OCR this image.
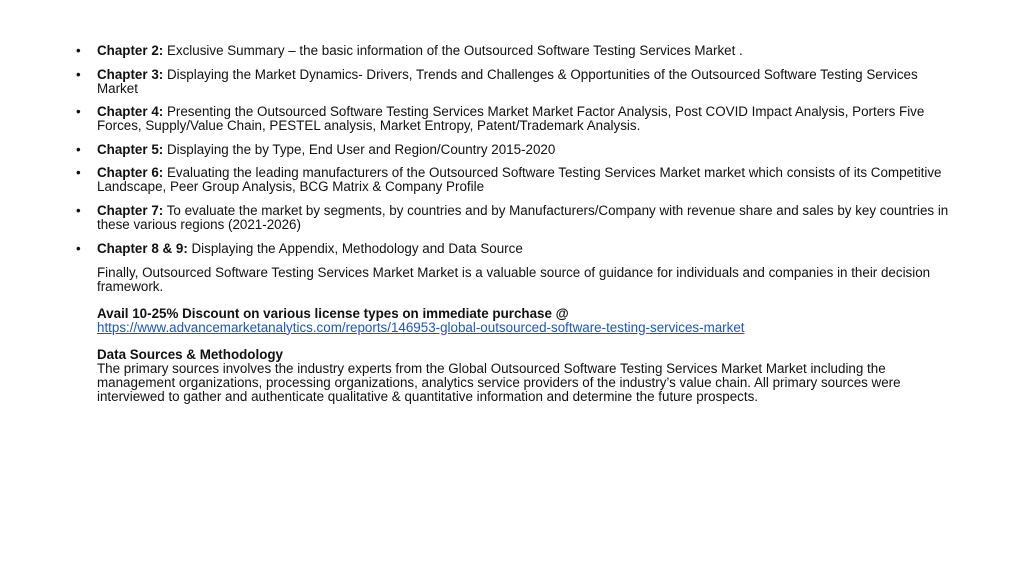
•	Chapter 2: Exclusive Summary – the basic information of the Outsourced Software Testing Services Market .
•	Chapter 3: Displaying the Market Dynamics- Drivers, Trends and Challenges & Opportunities of the Outsourced Software Testing Services Market
•	Chapter 4: Presenting the Outsourced Software Testing Services Market Market Factor Analysis, Post COVID Impact Analysis, Porters Five Forces, Supply/Value Chain, PESTEL analysis, Market Entropy, Patent/Trademark Analysis.
•	Chapter 5: Displaying the by Type, End User and Region/Country 2015-2020
•	Chapter 6: Evaluating the leading manufacturers of the Outsourced Software Testing Services Market market which consists of its Competitive Landscape, Peer Group Analysis, BCG Matrix & Company Profile
•	Chapter 7: To evaluate the market by segments, by countries and by Manufacturers/Company with revenue share and sales by key countries in these various regions (2021-2026)
•	Chapter 8 & 9: Displaying the Appendix, Methodology and Data Source

Finally, Outsourced Software Testing Services Market Market is a valuable source of guidance for individuals and companies in their decision framework.

Avail 10-25% Discount on various license types on immediate purchase @
https://www.advancemarketanalytics.com/reports/146953-global-outsourced-software-testing-services-market
Data Sources & Methodology
The primary sources involves the industry experts from the Global Outsourced Software Testing Services Market Market including the management organizations, processing organizations, analytics service providers of the industry’s value chain. All primary sources were interviewed to gather and authenticate qualitative & quantitative information and determine the future prospects.
